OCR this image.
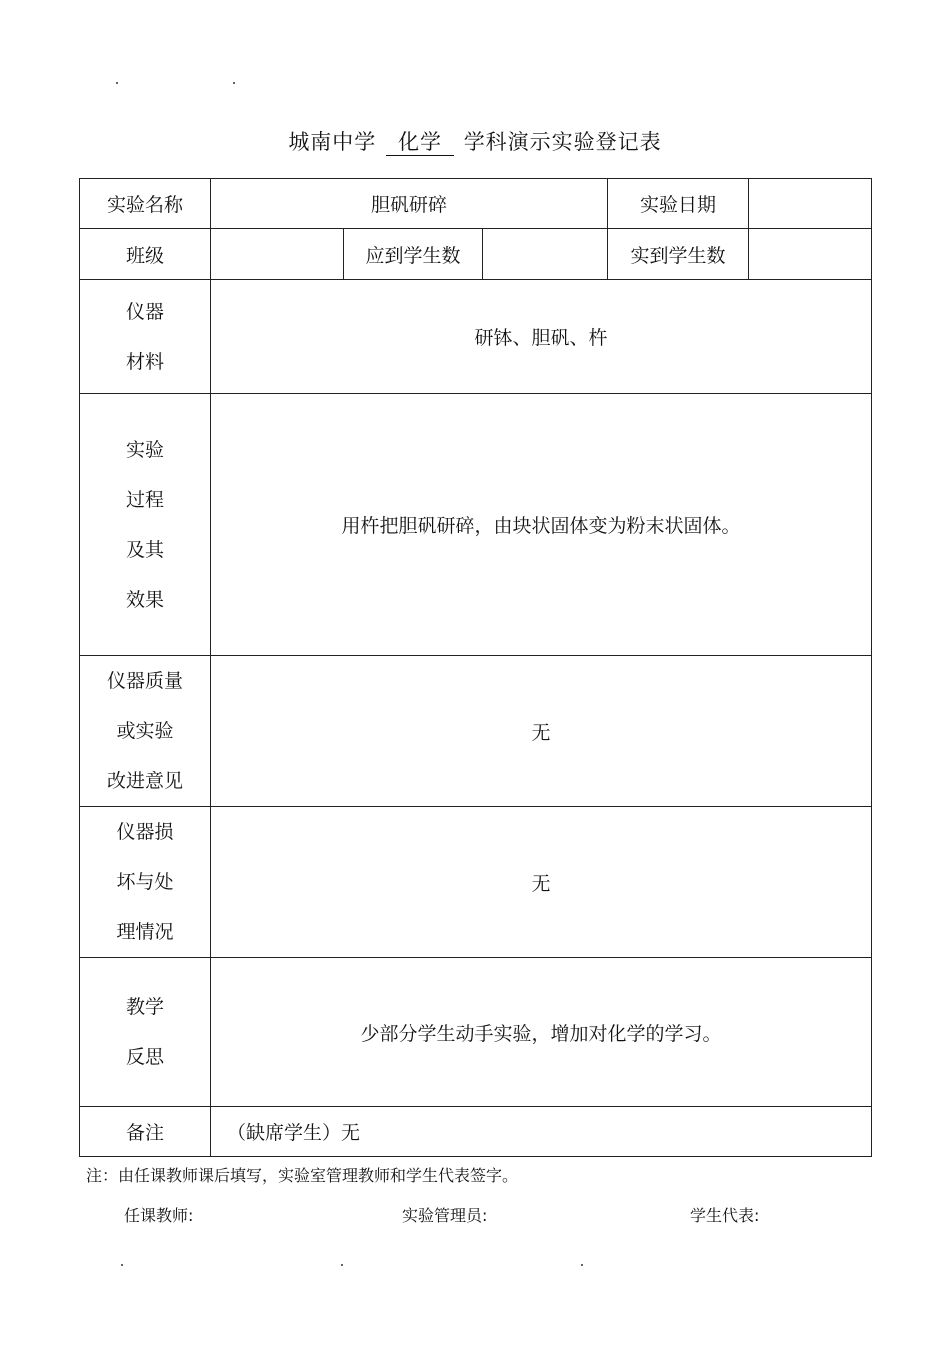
城南中学 化学 学科演示实验登记表
实验名称	胆矾研碎			实验日期	
班级		应到学生数		实到学生数	

仪器
材料	研钵、胆矾、杵				

实验
过程
及其
效果	用杵把胆矾研碎，由块状固体变为粉末状固体。				

仪器质量
或实验
改进意见	无				

仪器损
坏与处
理情况	无				

教学
反思	少部分学生动手实验，增加对化学的学习。				
备注	（缺席学生）无				
注：由任课教师课后填写，实验室管理教师和学生代表签字。
任课教师:	实验管理员:	学生代表:
